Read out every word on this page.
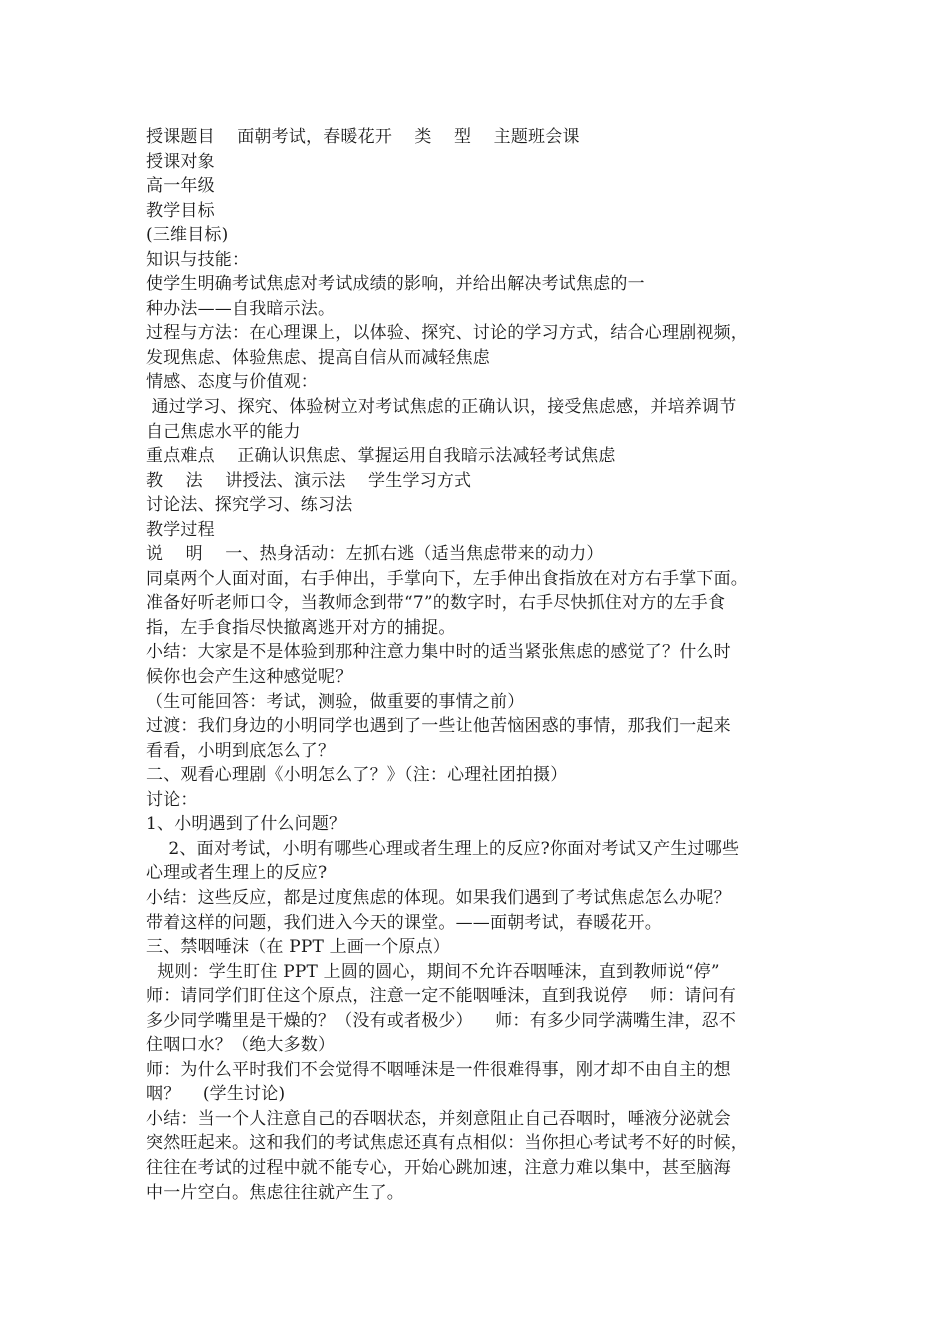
授课题目    面朝考试，春暖花开    类    型    主题班会课
授课对象
高一年级
教学目标
(三维目标)
知识与技能：
使学生明确考试焦虑对考试成绩的影响，并给出解决考试焦虑的一
种办法——自我暗示法。
过程与方法：在心理课上，以体验、探究、讨论的学习方式，结合心理剧视频，
发现焦虑、体验焦虑、提高自信从而减轻焦虑
情感、态度与价值观：
通过学习、探究、体验树立对考试焦虑的正确认识，接受焦虑感，并培养调节
自己焦虑水平的能力
重点难点    正确认识焦虑、掌握运用自我暗示法减轻考试焦虑
教    法    讲授法、演示法    学生学习方式
讨论法、探究学习、练习法
教学过程
说    明    一、热身活动：左抓右逃（适当焦虑带来的动力）
同桌两个人面对面，右手伸出，手掌向下，左手伸出食指放在对方右手掌下面。
准备好听老师口令，当教师念到带“7”的数字时，右手尽快抓住对方的左手食
指，左手食指尽快撤离逃开对方的捕捉。
小结：大家是不是体验到那种注意力集中时的适当紧张焦虑的感觉了？什么时
候你也会产生这种感觉呢？
（生可能回答：考试，测验，做重要的事情之前）
过渡：我们身边的小明同学也遇到了一些让他苦恼困惑的事情，那我们一起来
看看，小明到底怎么了？
二、观看心理剧《小明怎么了？》（注：心理社团拍摄）
讨论：
1、小明遇到了什么问题？
2、面对考试，小明有哪些心理或者生理上的反应?你面对考试又产生过哪些
心理或者生理上的反应?
小结：这些反应，都是过度焦虑的体现。如果我们遇到了考试焦虑怎么办呢？
带着这样的问题，我们进入今天的课堂。——面朝考试，春暖花开。
三、禁咽唾沫（在 PPT 上画一个原点）
规则：学生盯住 PPT 上圆的圆心，期间不允许吞咽唾沫，直到教师说“停”
师：请同学们盯住这个原点，注意一定不能咽唾沫，直到我说停    师：请问有
多少同学嘴里是干燥的？（没有或者极少）    师：有多少同学满嘴生津，忍不
住咽口水？（绝大多数）
师：为什么平时我们不会觉得不咽唾沫是一件很难得事，刚才却不由自主的想
咽？    (学生讨论)
小结：当一个人注意自己的吞咽状态，并刻意阻止自己吞咽时，唾液分泌就会
突然旺起来。这和我们的考试焦虑还真有点相似：当你担心考试考不好的时候，
往往在考试的过程中就不能专心，开始心跳加速，注意力难以集中，甚至脑海
中一片空白。焦虑往往就产生了。
